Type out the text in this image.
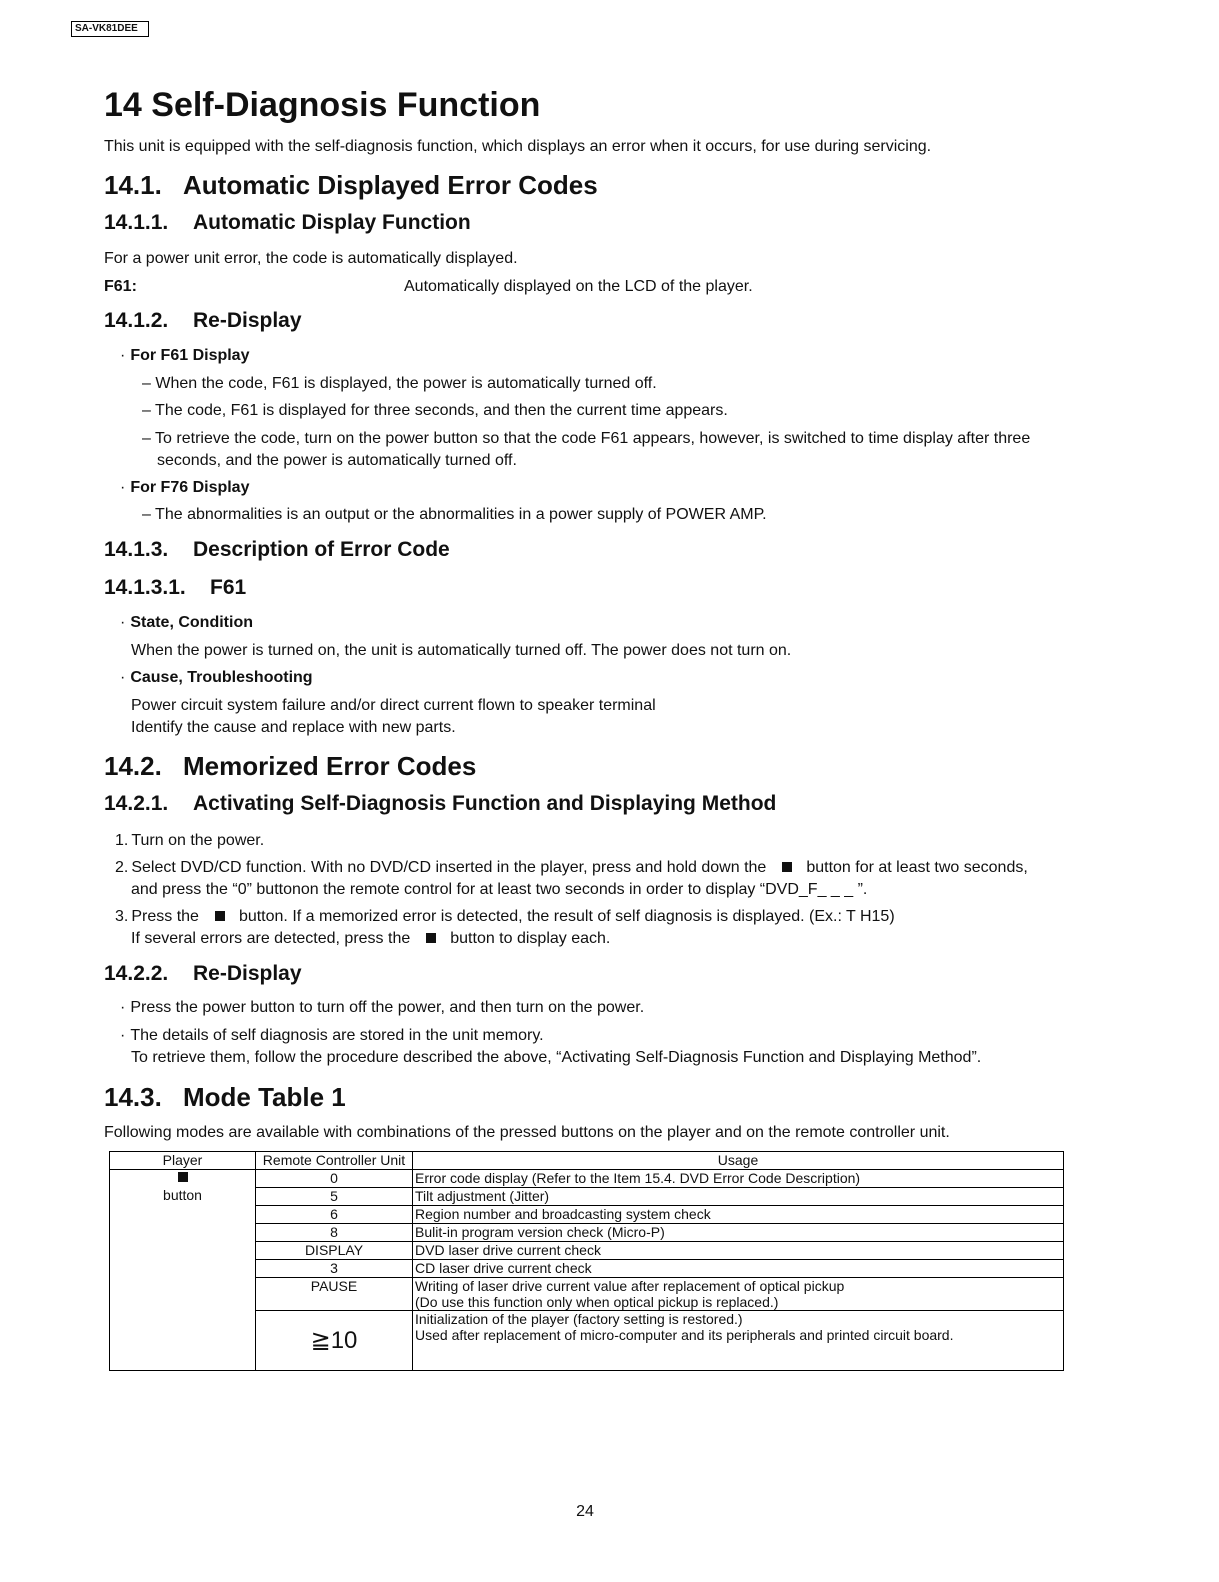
SA-VK81DEE
14 Self-Diagnosis Function
This unit is equipped with the self-diagnosis function, which displays an error when it occurs, for use during servicing.
14.1. Automatic Displayed Error Codes
14.1.1. Automatic Display Function
For a power unit error, the code is automatically displayed.
F61:	Automatically displayed on the LCD of the player.
14.1.2. Re-Display
· For F61 Display
– When the code, F61 is displayed, the power is automatically turned off.
– The code, F61 is displayed for three seconds, and then the current time appears.
– To retrieve the code, turn on the power button so that the code F61 appears, however, is switched to time display after three
seconds, and the power is automatically turned off.
· For F76 Display
– The abnormalities is an output or the abnormalities in a power supply of POWER AMP.
14.1.3. Description of Error Code
14.1.3.1. F61
· State, Condition
When the power is turned on, the unit is automatically turned off. The power does not turn on.
· Cause, Troubleshooting
Power circuit system failure and/or direct current flown to speaker terminal
Identify the cause and replace with new parts.
14.2. Memorized Error Codes
14.2.1. Activating Self-Diagnosis Function and Displaying Method
1. Turn on the power.
2. Select DVD/CD function. With no DVD/CD inserted in the player, press and hold down the	button for at least two seconds,
and press the “0” buttonon the remote control for at least two seconds in order to display “DVD_F_ _ _ ”.
3. Press the	button. If a memorized error is detected, the result of self diagnosis is displayed. (Ex.: T H15)
If several errors are detected, press the	button to display each.
14.2.2. Re-Display
· Press the power button to turn off the power, and then turn on the power.
· The details of self diagnosis are stored in the unit memory.
To retrieve them, follow the procedure described the above, “Activating Self-Diagnosis Function and Displaying Method”.
14.3. Mode Table 1
Following modes are available with combinations of the pressed buttons on the player and on the remote controller unit.
Player	Remote Controller Unit	Usage

button	0	Error code display (Refer to the Item 15.4. DVD Error Code Description)
	5	Tilt adjustment (Jitter)
	6	Region number and broadcasting system check
	8	Bulit-in program version check (Micro-P)
	DISPLAY	DVD laser drive current check
	3	CD laser drive current check
	PAUSE	Writing of laser drive current value after replacement of optical pickup
(Do use this function only when optical pickup is replaced.)

	≧10	Initialization of the player (factory setting is restored.)
Used after replacement of micro-computer and its peripherals and printed circuit board.
24
